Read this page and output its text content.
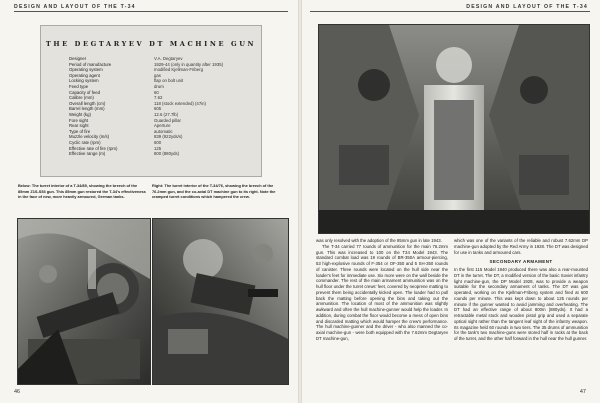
DESIGN AND LAYOUT OF THE T-34
THE DEGTARYEV DT MACHINE GUN
Designer	V.A. Degtaryev
Period of manufacture	1929-44 (only in quantity after 1935)
Operating system	modified Kjellman-Friberg
Operating agent	gas
Locking system	flap on bolt unit
Feed type	drum
Capacity of feed	60
Calibre (mm)	7.62
Overall length (cm)	118 (stock extended) (47in)
Barrel length (mm)	605
Weight (kg)	12.6 (27.7lb)
Fore sight	Guarded pillar
Rear sight	Aperture
Type of fire	automatic
Muzzle velocity (m/s)	839 (922yds/s)
Cyclic rate (rpm)	600
Effective rate of fire (rpm)	125
Effective range (m)	800 (880yds)
Below: The turret interior of a T-34/85, showing the breech of the 85mm Z1S-S53 gun. This 85mm gun restored the T-34's effectiveness in the face of new, more heavily armoured, German tanks.
Right: The turret interior of the T-34/76, showing the breech of the 76.2mm gun, and the co-axial DT machine gun to its right. Note the cramped turret conditions which hampered the crew.
46
DESIGN AND LAYOUT OF THE T-34

was only resolved with the adoption of the 85mm gun in late 1943.

The T-34 carried 77 rounds of ammunition for the main 76.2mm gun. This was increased to 100 on the T34 Model 1943. The standard combat load was 19 rounds of BR-350A armour-piercing, 53 high-explosive rounds of F-354 or OF-350 and 5 SH-350 rounds of canister. Three rounds were located on the hull side near the loader's feet for immediate use. Six more were on the wall beside the commander. The rest of the main armament ammunition was on the hull floor under the turret crews' feet, covered by neoprene matting to prevent them being accidentally kicked open. The loader had to pull back the matting before opening the bins and taking out the ammunition. The location of most of the ammunition was slightly awkward and often the hull machine-gunner would help the loader. In addition, during combat the floor would become a mess of open bins and discarded matting which would hamper the crew's performance. The hull machine-gunner and the driver - who also manned the co-axial machine-gun - were both equipped with the 7.62mm Degtaryev DT machine-gun,

which was one of the variants of the reliable and robust 7.62mm DP machine-gun adopted by the Red Army in 1928. The DT was designed for use in tanks and armoured cars.

SECONDARY ARMAMENT

In the first 115 Model 1940 produced there was also a rear-mounted DT in the turret. The DT, a modified version of the basic Soviet infantry light machine-gun, the DP Model 1928, was to provide a weapon suitable for the secondary armament of tanks. The DT was gas operated, working on the Kjellman-Friberg system and fired at 600 rounds per minute. This was kept down to about 125 rounds per minute if the gunner wanted to avoid jamming and overheating. The DT had an effective range of about 800m (880yds). It had a retractable metal stock and wooden pistol grip and used a separate optical sight rather than the tangent leaf sight of the infantry weapon. Its magazine held 60 rounds in two tiers. The 35 drums of ammunition for the tank's two machine-guns were stored half in racks at the back of the turret, and the other half forward in the hull near the hull gunner.

47
